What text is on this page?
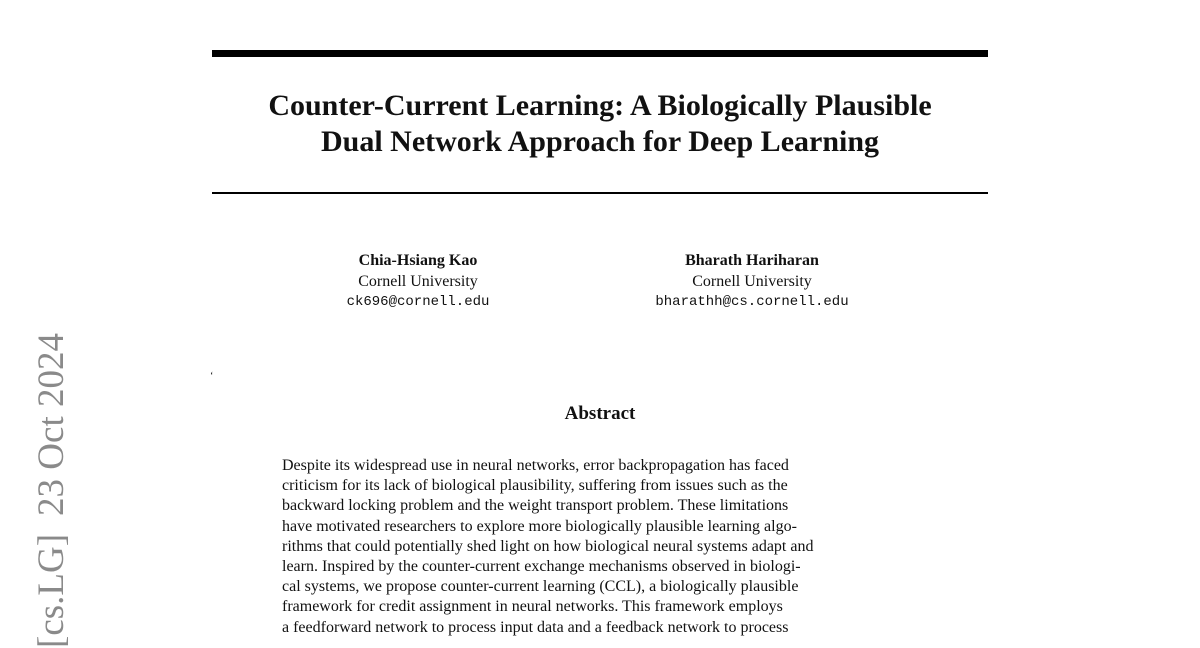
Counter-Current Learning: A Biologically Plausible
Dual Network Approach for Deep Learning
Chia-Hsiang Kao
Cornell University
ck696@cornell.edu
Bharath Hariharan
Cornell University
bharathh@cs.cornell.edu
‘
Abstract
Despite its widespread use in neural networks, error backpropagation has faced
criticism for its lack of biological plausibility, suffering from issues such as the
backward locking problem and the weight transport problem. These limitations
have motivated researchers to explore more biologically plausible learning algo-
rithms that could potentially shed light on how biological neural systems adapt and
learn. Inspired by the counter-current exchange mechanisms observed in biologi-
cal systems, we propose counter-current learning (CCL), a biologically plausible
framework for credit assignment in neural networks. This framework employs
a feedforward network to process input data and a feedback network to process
[cs.LG]23 Oct 2024
